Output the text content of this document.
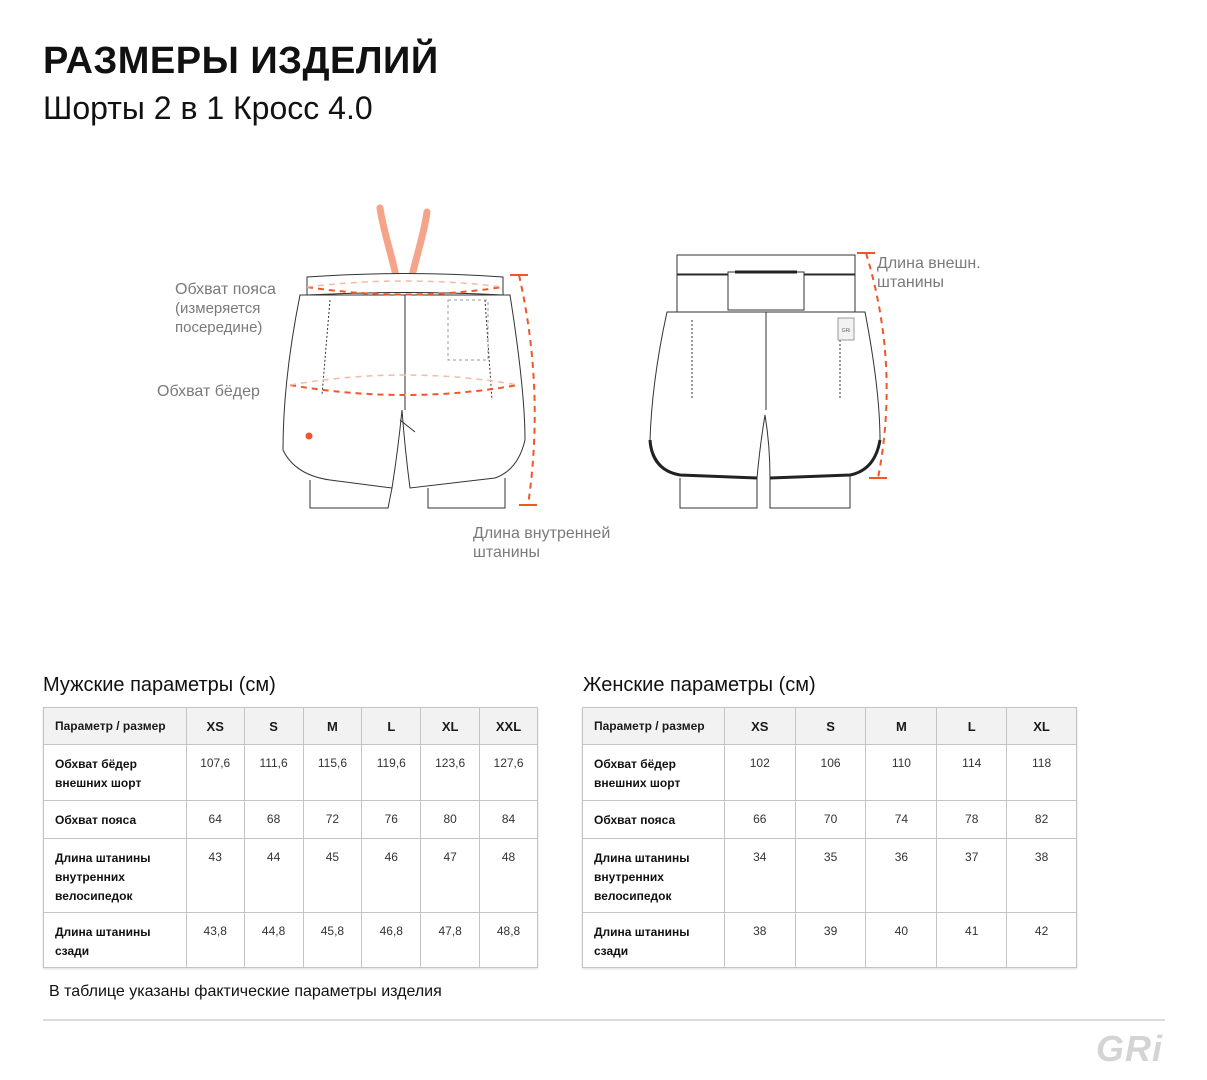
РАЗМЕРЫ ИЗДЕЛИЙ
Шорты 2 в 1 Кросс 4.0
GRi
Обхват пояса
(измеряется посередине)
Обхват бёдер
Длина внутренней штанины
Длина внешн. штанины
Мужские параметры (см)
Параметр / размер	XS	S	M	L	XL	XXL
Обхват бёдер внешних шорт	107,6	111,6	115,6	119,6	123,6	127,6
Обхват пояса	64	68	72	76	80	84
Длина штанины внутренних велосипедок	43	44	45	46	47	48
Длина штанины сзади	43,8	44,8	45,8	46,8	47,8	48,8
Женские параметры (см)
Параметр / размер	XS	S	M	L	XL
Обхват бёдер внешних шорт	102	106	110	114	118
Обхват пояса	66	70	74	78	82
Длина штанины внутренних велосипедок	34	35	36	37	38
Длина штанины сзади	38	39	40	41	42

В таблице указаны фактические параметры изделия

GRi
